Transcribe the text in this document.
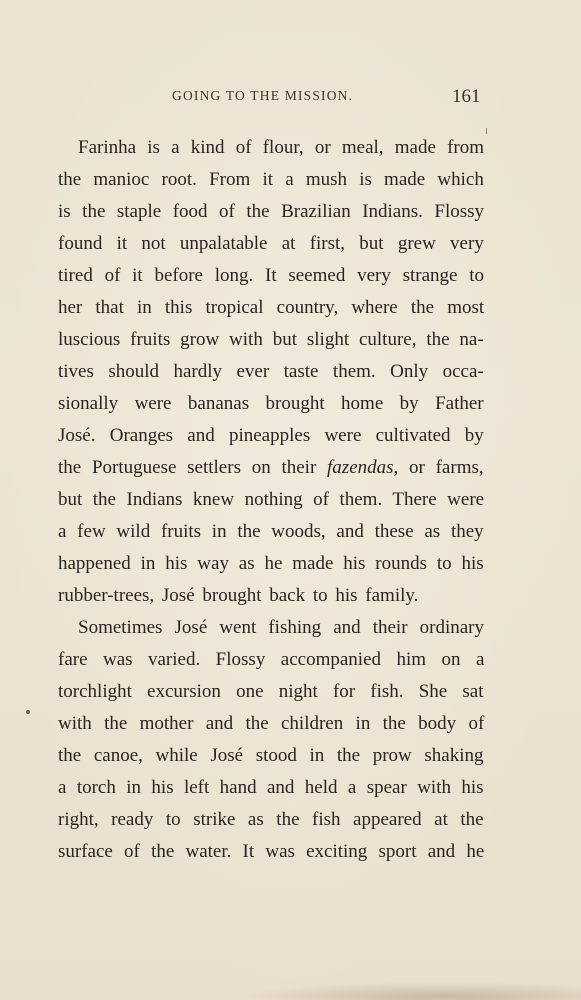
GOING TO THE MISSION.	161
Farinha is a kind of flour, or meal, made from
the manioc root. From it a mush is made which
is the staple food of the Brazilian Indians. Flossy
found it not unpalatable at first, but grew very
tired of it before long. It seemed very strange to
her that in this tropical country, where the most
luscious fruits grow with but slight culture, the na-
tives should hardly ever taste them. Only occa-
sionally were bananas brought home by Father
José. Oranges and pineapples were cultivated by
the Portuguese settlers on their fazendas, or farms,
but the Indians knew nothing of them. There were
a few wild fruits in the woods, and these as they
happened in his way as he made his rounds to his
rubber-trees, José brought back to his family.
Sometimes José went fishing and their ordinary
fare was varied. Flossy accompanied him on a
torchlight excursion one night for fish. She sat
with the mother and the children in the body of
the canoe, while José stood in the prow shaking
a torch in his left hand and held a spear with his
right, ready to strike as the fish appeared at the
surface of the water. It was exciting sport and he
